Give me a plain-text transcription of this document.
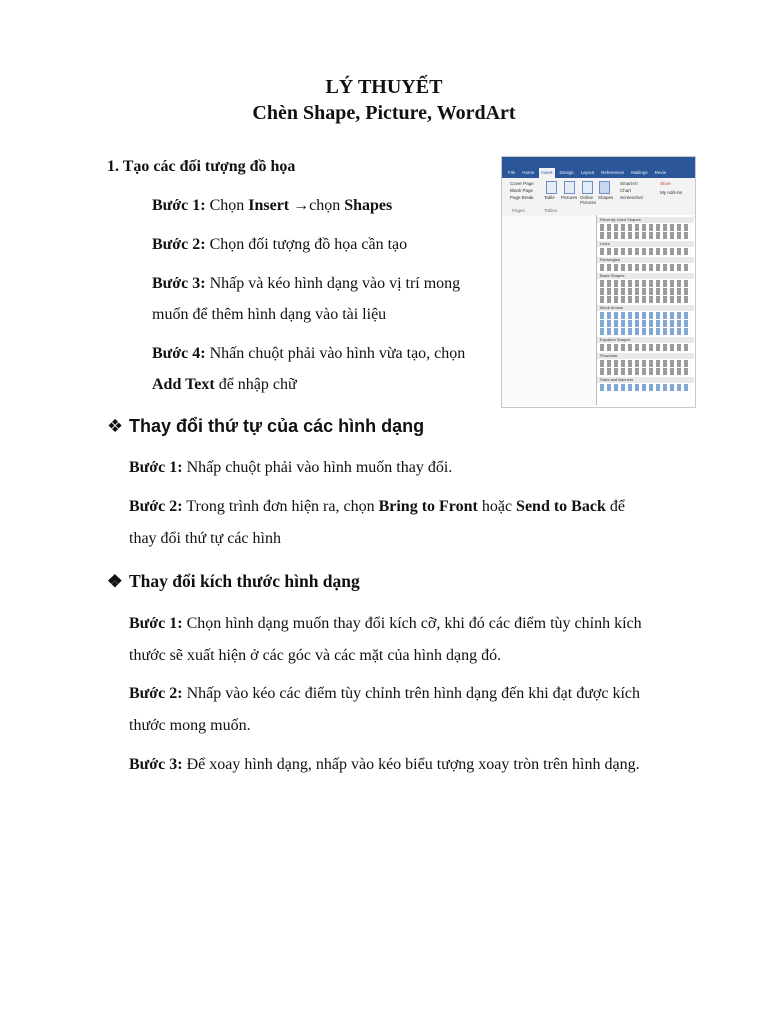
LÝ THUYẾT
Chèn Shape, Picture, WordArt
1. Tạo các đối tượng đồ họa
Bước 1: Chọn Insert →chọn Shapes
Bước 2: Chọn đối tượng đồ họa cần tạo
Bước 3: Nhấp và kéo hình dạng vào vị trí mong
muốn để thêm hình dạng vào tài liệu
Bước 4: Nhấn chuột phải vào hình vừa tạo, chọn
Add Text để nhập chữ
File	Home	Insert	Design	Layout	References	Mailings	Revie
Cover Page
Blank Page
Page Break Table Pictures Online Pictures
Shapes
SmartArt
Chart
Screenshot
Store
My Add-ins
Pages	Tables
Recently Used Shapes
Lines
Rectangles
Basic Shapes
Block Arrows
Equation Shapes
Flowchart
Stars and Banners
❖ Thay đổi thứ tự của các hình dạng
Bước 1: Nhấp chuột phải vào hình muốn thay đổi.
Bước 2: Trong trình đơn hiện ra, chọn Bring to Front hoặc Send to Back để
thay đổi thứ tự các hình
❖ Thay đổi kích thước hình dạng
Bước 1: Chọn hình dạng muốn thay đổi kích cỡ, khi đó các điểm tùy chỉnh kích
thước sẽ xuất hiện ở các góc và các mặt của hình dạng đó.
Bước 2: Nhấp vào kéo các điểm tùy chỉnh trên hình dạng đến khi đạt được kích
thước mong muốn.
Bước 3: Để xoay hình dạng, nhấp vào kéo biểu tượng xoay tròn trên hình dạng.
